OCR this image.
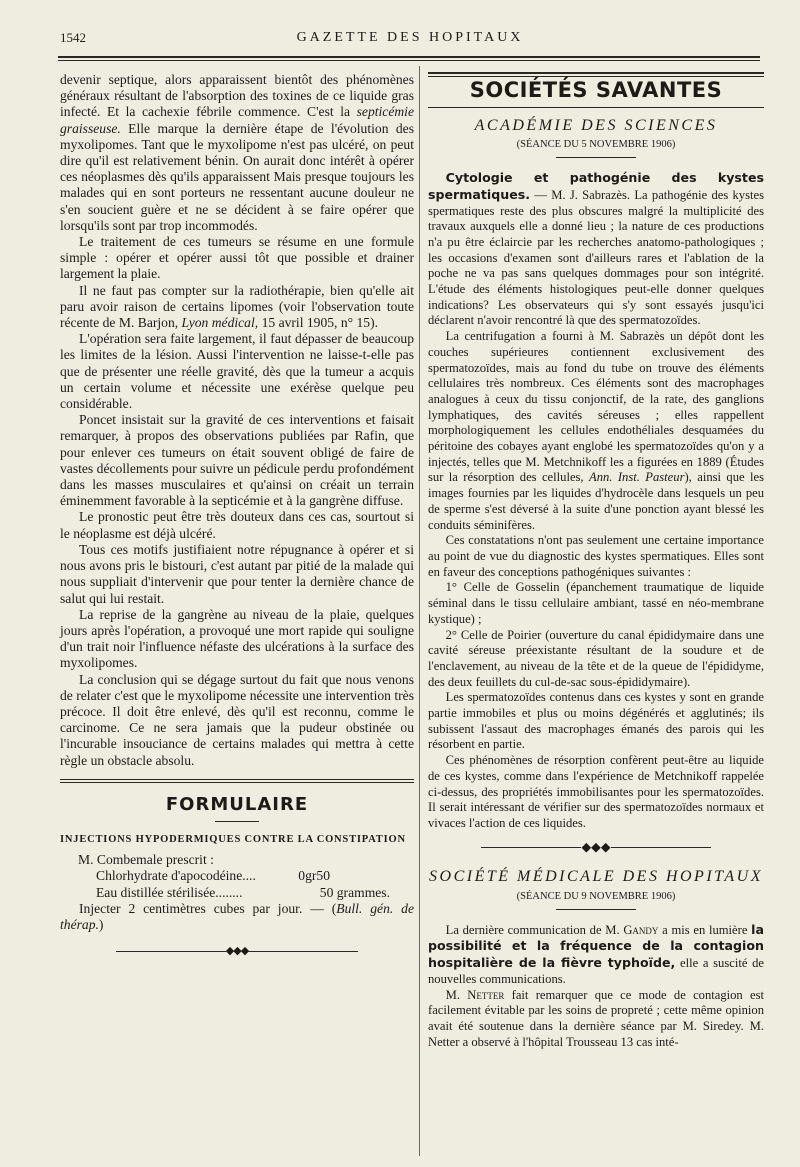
1542	GAZETTE DES HOPITAUX

devenir septique, alors apparaissent bientôt des phénomènes généraux résultant de l'absorption des toxines de ce liquide gras infecté. Et la cachexie fébrile commence. C'est la septicémie graisseuse. Elle marque la dernière étape de l'évolution des myxolipomes. Tant que le myxolipome n'est pas ulcéré, on peut dire qu'il est relativement bénin. On aurait donc intérêt à opérer ces néoplasmes dès qu'ils apparaissent Mais presque toujours les malades qui en sont porteurs ne ressentant aucune douleur ne s'en soucient guère et ne se décident à se faire opérer que lorsqu'ils sont par trop incommodés.

Le traitement de ces tumeurs se résume en une formule simple : opérer et opérer aussi tôt que possible et drainer largement la plaie.

Il ne faut pas compter sur la radiothérapie, bien qu'elle ait paru avoir raison de certains lipomes (voir l'observation toute récente de M. Barjon, Lyon médical, 15 avril 1905, n° 15).

L'opération sera faite largement, il faut dépasser de beaucoup les limites de la lésion. Aussi l'intervention ne laisse-t-elle pas que de présenter une réelle gravité, dès que la tumeur a acquis un certain volume et nécessite une exérèse quelque peu considérable.

Poncet insistait sur la gravité de ces interventions et faisait remarquer, à propos des observations publiées par Rafin, que pour enlever ces tumeurs on était souvent obligé de faire de vastes décollements pour suivre un pédicule perdu profondément dans les masses musculaires et qu'ainsi on créait un terrain éminemment favorable à la septicémie et à la gangrène diffuse.

Le pronostic peut être très douteux dans ces cas, sourtout si le néoplasme est déjà ulcéré.

Tous ces motifs justifiaient notre répugnance à opérer et si nous avons pris le bistouri, c'est autant par pitié de la malade qui nous suppliait d'intervenir que pour tenter la dernière chance de salut qui lui restait.

La reprise de la gangrène au niveau de la plaie, quelques jours après l'opération, a provoqué une mort rapide qui souligne d'un trait noir l'influence néfaste des ulcérations à la surface des myxolipomes.

La conclusion qui se dégage surtout du fait que nous venons de relater c'est que le myxolipome nécessite une intervention très précoce. Il doit être enlevé, dès qu'il est reconnu, comme le carcinome. Ce ne sera jamais que la pudeur obstinée ou l'incurable insouciance de certains malades qui mettra à cette règle un obstacle absolu.

FORMULAIRE
INJECTIONS HYPODERMIQUES CONTRE LA CONSTIPATION
M. Combemale prescrit :
Chlorhydrate d'apocodéine....	0gr50
Eau distillée stérilisée........	50 grammes.

Injecter 2 centimètres cubes par jour. — (Bull. gén. de thérap.)

◆◆◆
SOCIÉTÉS SAVANTES
ACADÉMIE DES SCIENCES
(SÉANCE DU 5 NOVEMBRE 1906)

Cytologie et pathogénie des kystes spermatiques. — M. J. Sabrazès. La pathogénie des kystes spermatiques reste des plus obscures malgré la multiplicité des travaux auxquels elle a donné lieu ; la nature de ces productions n'a pu être éclaircie par les recherches anatomo-pathologiques ; les occasions d'examen sont d'ailleurs rares et l'ablation de la poche ne va pas sans quelques dommages pour son intégrité. L'étude des éléments histologiques peut-elle donner quelques indications? Les observateurs qui s'y sont essayés jusqu'ici déclarent n'avoir rencontré là que des spermatozoïdes.

La centrifugation a fourni à M. Sabrazès un dépôt dont les couches supérieures contiennent exclusivement des spermatozoïdes, mais au fond du tube on trouve des éléments cellulaires très nombreux. Ces éléments sont des macrophages analogues à ceux du tissu conjonctif, de la rate, des ganglions lymphatiques, des cavités séreuses ; elles rappellent morphologiquement les cellules endothéliales desquamées du péritoine des cobayes ayant englobé les spermatozoïdes qu'on y a injectés, telles que M. Metchnikoff les a figurées en 1889 (Études sur la résorption des cellules, Ann. Inst. Pasteur), ainsi que les images fournies par les liquides d'hydrocèle dans lesquels un peu de sperme s'est déversé à la suite d'une ponction ayant blessé les conduits séminifères.

Ces constatations n'ont pas seulement une certaine importance au point de vue du diagnostic des kystes spermatiques. Elles sont en faveur des conceptions pathogéniques suivantes :

1° Celle de Gosselin (épanchement traumatique de liquide séminal dans le tissu cellulaire ambiant, tassé en néo-membrane kystique) ;

2° Celle de Poirier (ouverture du canal épididymaire dans une cavité séreuse préexistante résultant de la soudure et de l'enclavement, au niveau de la tête et de la queue de l'épididyme, des deux feuillets du cul-de-sac sous-épididymaire).

Les spermatozoïdes contenus dans ces kystes y sont en grande partie immobiles et plus ou moins dégénérés et agglutinés; ils subissent l'assaut des macrophages émanés des parois qui les résorbent en partie.

Ces phénomènes de résorption confèrent peut-être au liquide de ces kystes, comme dans l'expérience de Metchnikoff rappelée ci-dessus, des propriétés immobilisantes pour les spermatozoïdes. Il serait intéressant de vérifier sur des spermatozoïdes normaux et vivaces l'action de ces liquides.

◆◆◆
SOCIÉTÉ MÉDICALE DES HOPITAUX
(SÉANCE DU 9 NOVEMBRE 1906)

La dernière communication de M. Gandy a mis en lumière la possibilité et la fréquence de la contagion hospitalière de la fièvre typhoïde, elle a suscité de nouvelles communications.

M. Netter fait remarquer que ce mode de contagion est facilement évitable par les soins de propreté ; cette même opinion avait été soutenue dans la dernière séance par M. Siredey. M. Netter a observé à l'hôpital Trousseau 13 cas inté-
